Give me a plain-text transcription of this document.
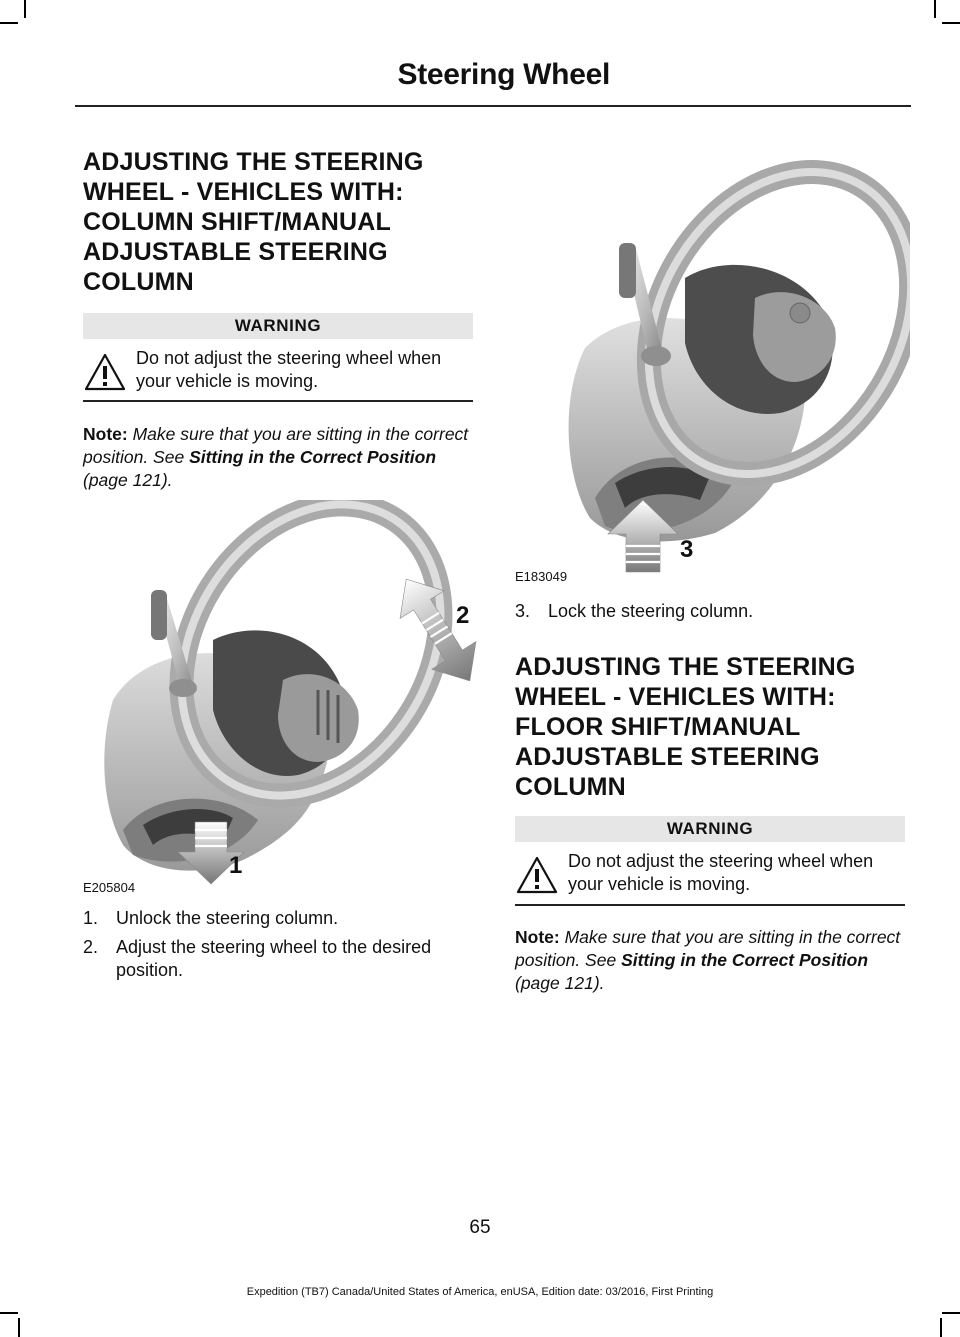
Steering Wheel
ADJUSTING THE STEERING
WHEEL - VEHICLES WITH:
COLUMN SHIFT/MANUAL
ADJUSTABLE STEERING
COLUMN
WARNING
Do not adjust the steering wheel when your vehicle is moving.
Note: Make sure that you are sitting in the correct position. See Sitting in the Correct Position (page 121).
E205804
1
2
1. Unlock the steering column.
2. Adjust the steering wheel to the desired position.
E183049
3
3. Lock the steering column.
ADJUSTING THE STEERING
WHEEL - VEHICLES WITH:
FLOOR SHIFT/MANUAL
ADJUSTABLE STEERING
COLUMN
WARNING
Do not adjust the steering wheel when your vehicle is moving.
Note: Make sure that you are sitting in the correct position. See Sitting in the Correct Position (page 121).
65
Expedition (TB7) Canada/United States of America, enUSA, Edition date: 03/2016, First Printing
